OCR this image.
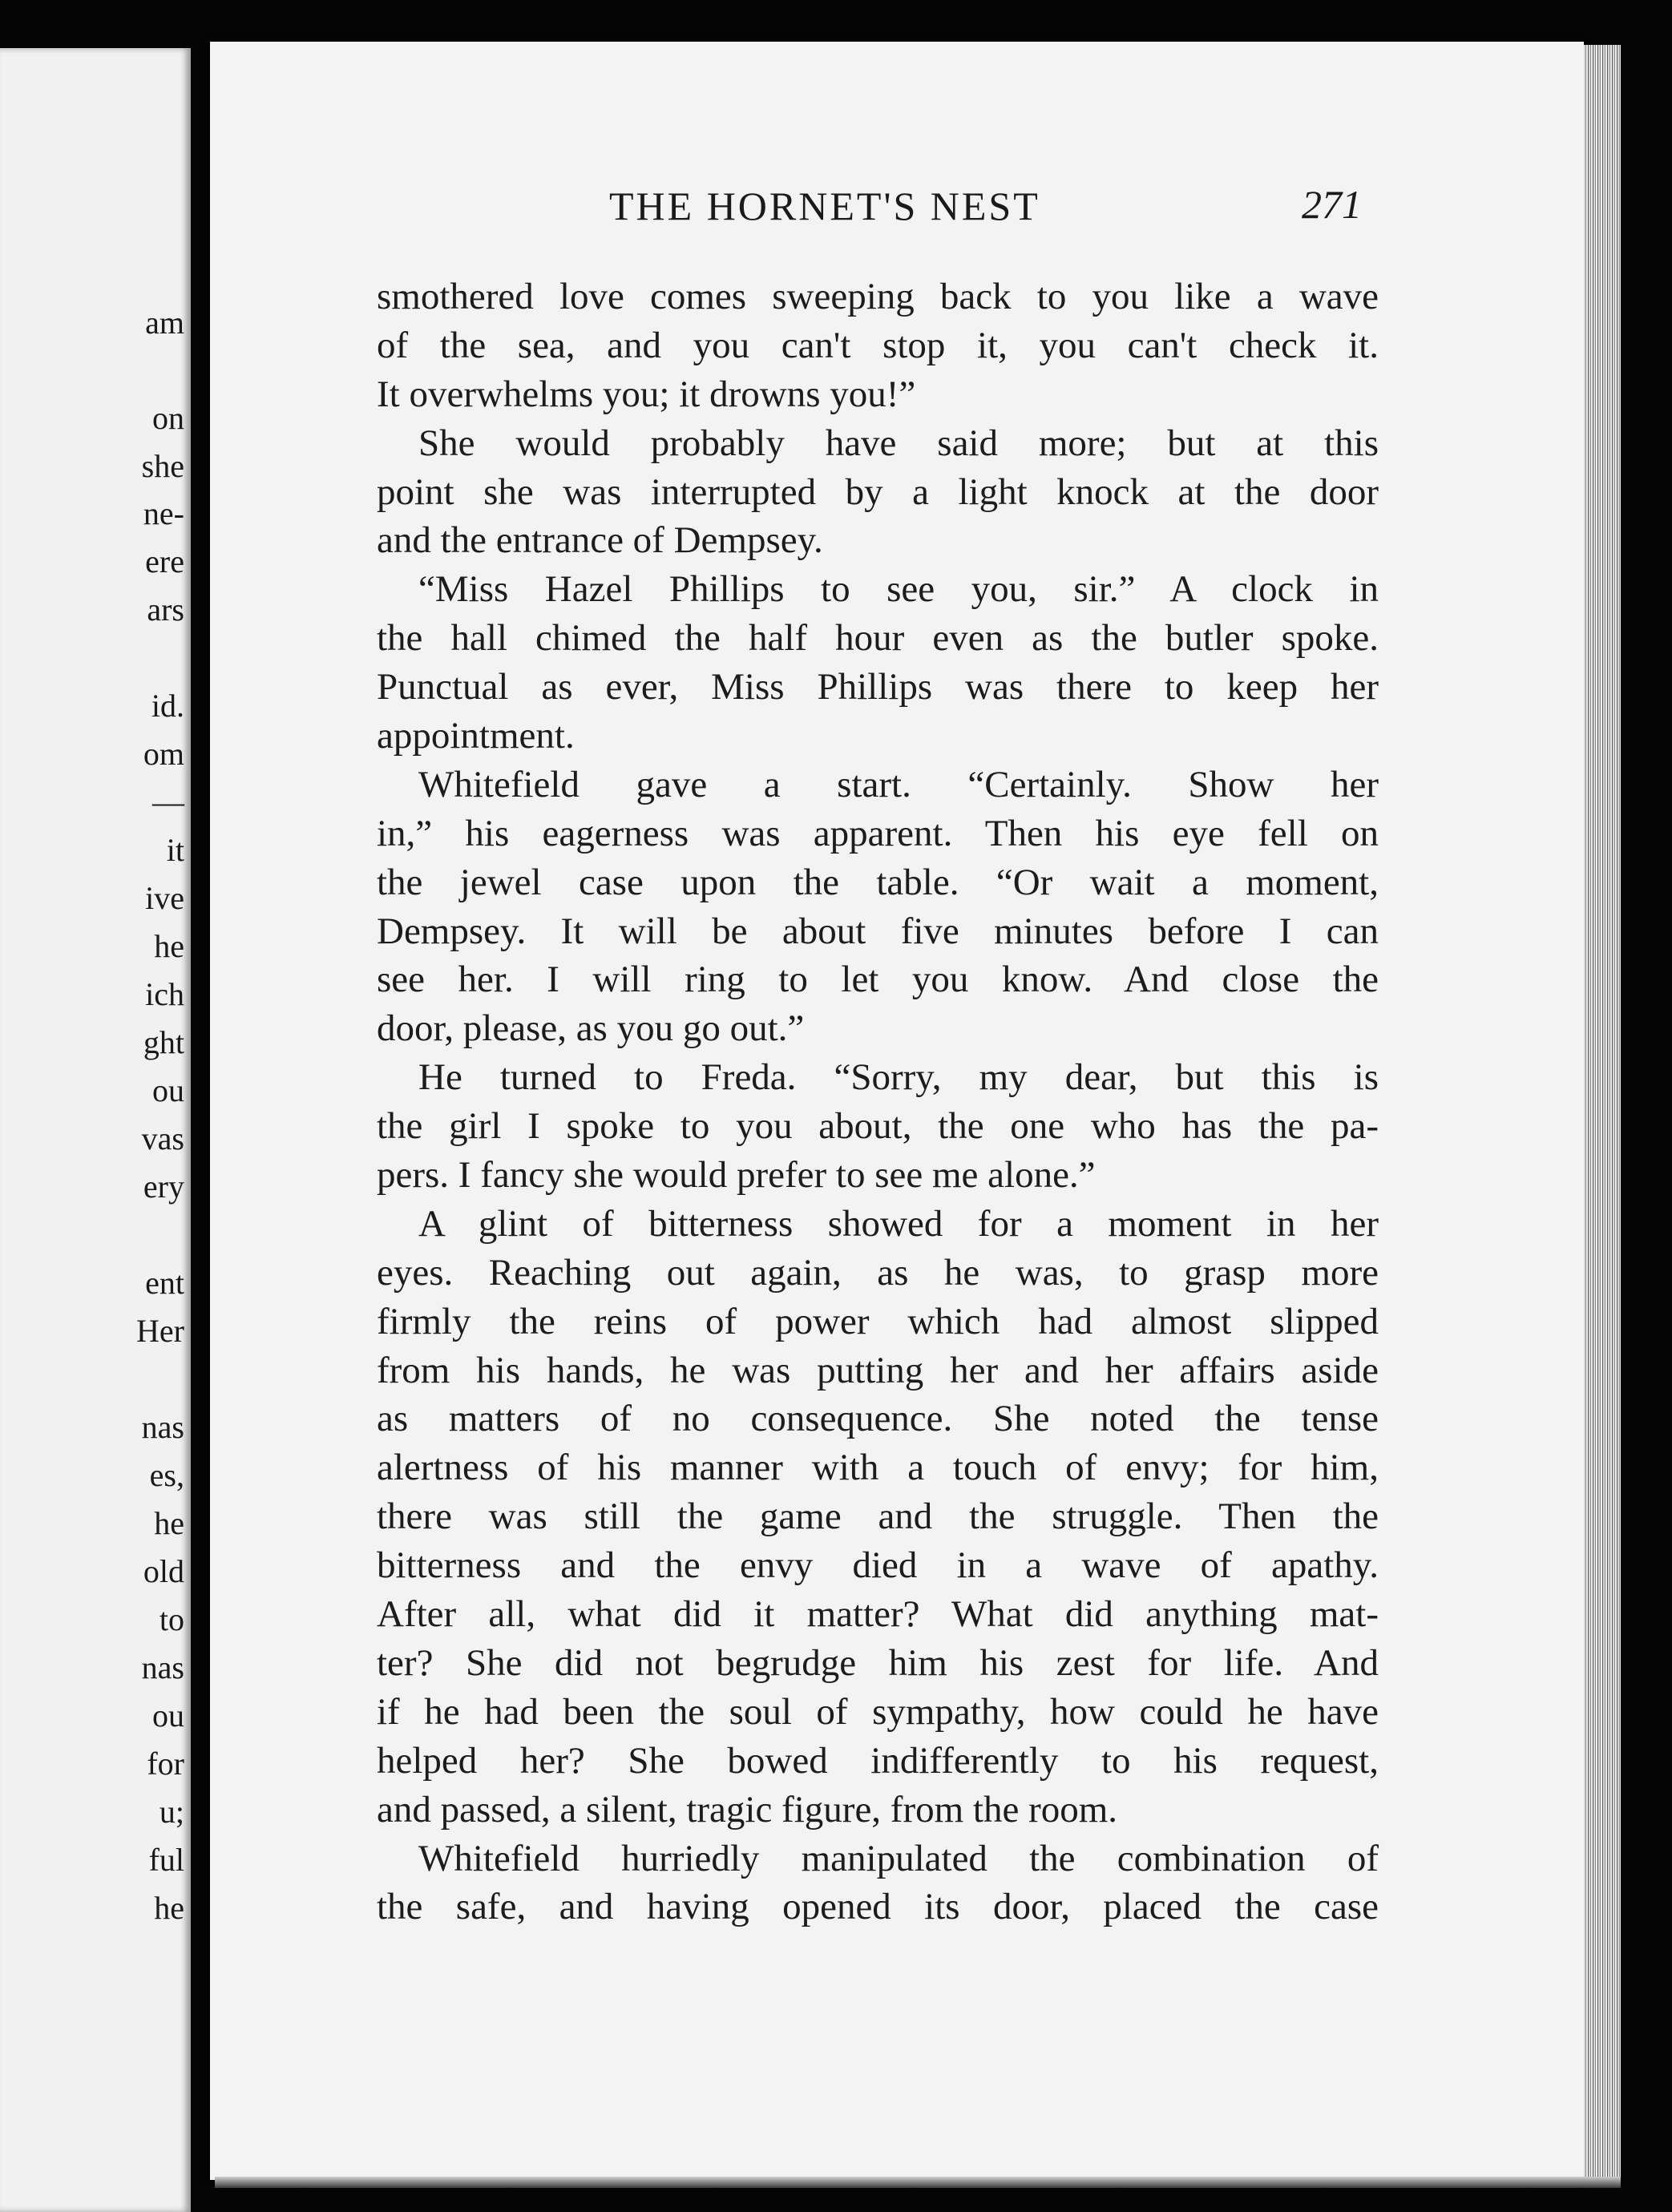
am
on
she
ne-
ere
ars
id.
om
—
it
ive
he
ich
ght
ou
vas
ery
ent
Her
nas
es,
he
old
to
nas
ou
for
u;
ful
he
THE HORNET'S NEST	271
smothered love comes sweeping back to you like a wave
of the sea, and you can't stop it, you can't check it.
It overwhelms you; it drowns you!”
She would probably have said more; but at this
point she was interrupted by a light knock at the door
and the entrance of Dempsey.
“Miss Hazel Phillips to see you, sir.” A clock in
the hall chimed the half hour even as the butler spoke.
Punctual as ever, Miss Phillips was there to keep her
appointment.
Whitefield gave a start. “Certainly. Show her
in,” his eagerness was apparent. Then his eye fell on
the jewel case upon the table. “Or wait a moment,
Dempsey. It will be about five minutes before I can
see her. I will ring to let you know. And close the
door, please, as you go out.”
He turned to Freda. “Sorry, my dear, but this is
the girl I spoke to you about, the one who has the pa-
pers. I fancy she would prefer to see me alone.”
A glint of bitterness showed for a moment in her
eyes. Reaching out again, as he was, to grasp more
firmly the reins of power which had almost slipped
from his hands, he was putting her and her affairs aside
as matters of no consequence. She noted the tense
alertness of his manner with a touch of envy; for him,
there was still the game and the struggle. Then the
bitterness and the envy died in a wave of apathy.
After all, what did it matter? What did anything mat-
ter? She did not begrudge him his zest for life. And
if he had been the soul of sympathy, how could he have
helped her? She bowed indifferently to his request,
and passed, a silent, tragic figure, from the room.
Whitefield hurriedly manipulated the combination of
the safe, and having opened its door, placed the case
